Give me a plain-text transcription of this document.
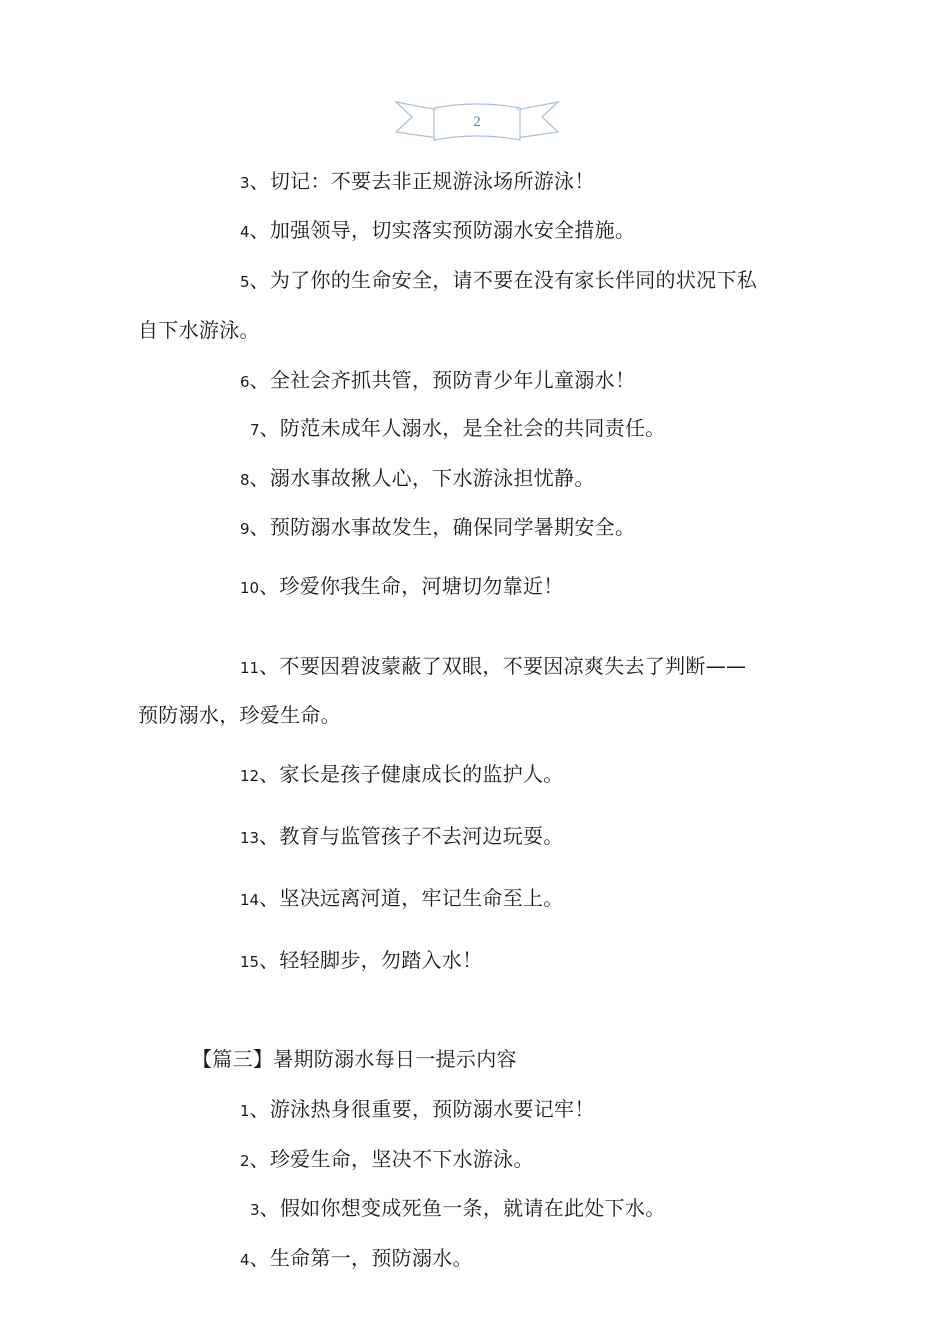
2
3、切记：不要去非正规游泳场所游泳！
4、加强领导，切实落实预防溺水安全措施。
5、为了你的生命安全，请不要在没有家长伴同的状况下私
自下水游泳。
6、全社会齐抓共管，预防青少年儿童溺水！
7、防范未成年人溺水，是全社会的共同责任。
8、溺水事故揪人心，下水游泳担忧静。
9、预防溺水事故发生，确保同学暑期安全。
10、珍爱你我生命，河塘切勿靠近！
11、不要因碧波蒙蔽了双眼，不要因凉爽失去了判断——
预防溺水，珍爱生命。
12、家长是孩子健康成长的监护人。
13、教育与监管孩子不去河边玩耍。
14、坚决远离河道，牢记生命至上。
15、轻轻脚步，勿踏入水！
【篇三】暑期防溺水每日一提示内容
1、游泳热身很重要，预防溺水要记牢！
2、珍爱生命，坚决不下水游泳。
3、假如你想变成死鱼一条，就请在此处下水。
4、生命第一，预防溺水。
